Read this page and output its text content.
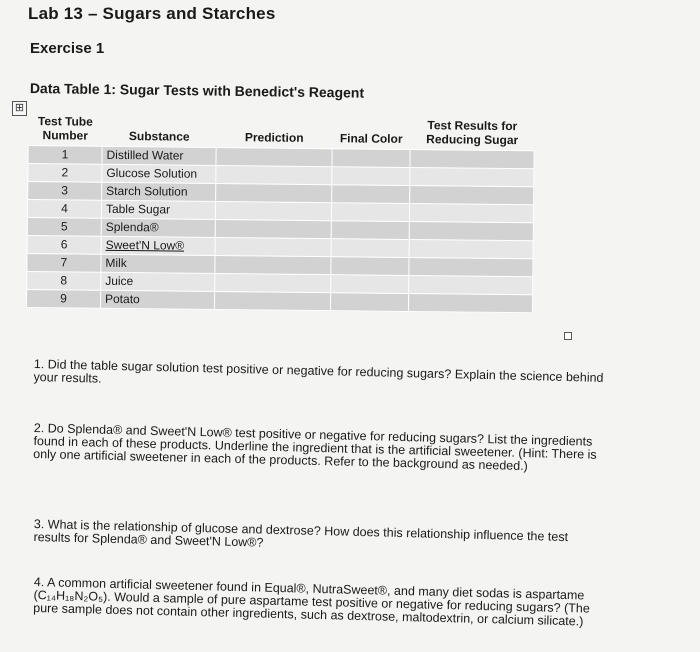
Lab 13 – Sugars and Starches
Exercise 1
Data Table 1: Sugar Tests with Benedict's Reagent
⊞
Test Tube Number	Substance	Prediction	Final Color	Test Results for Reducing Sugar
1	Distilled Water			
2	Glucose Solution			
3	Starch Solution			
4	Table Sugar			
5	Splenda®			
6	Sweet'N Low®			
7	Milk			
8	Juice			
9	Potato			
1. Did the table sugar solution test positive or negative for reducing sugars? Explain the science behind your results.
2. Do Splenda® and Sweet'N Low® test positive or negative for reducing sugars? List the ingredients found in each of these products. Underline the ingredient that is the artificial sweetener. (Hint: There is only one artificial sweetener in each of the products. Refer to the background as needed.)
3. What is the relationship of glucose and dextrose? How does this relationship influence the test results for Splenda® and Sweet'N Low®?
4. A common artificial sweetener found in Equal®, NutraSweet®, and many diet sodas is aspartame (C₁₄H₁₈N₂O₅). Would a sample of pure aspartame test positive or negative for reducing sugars? (The pure sample does not contain other ingredients, such as dextrose, maltodextrin, or calcium silicate.)
